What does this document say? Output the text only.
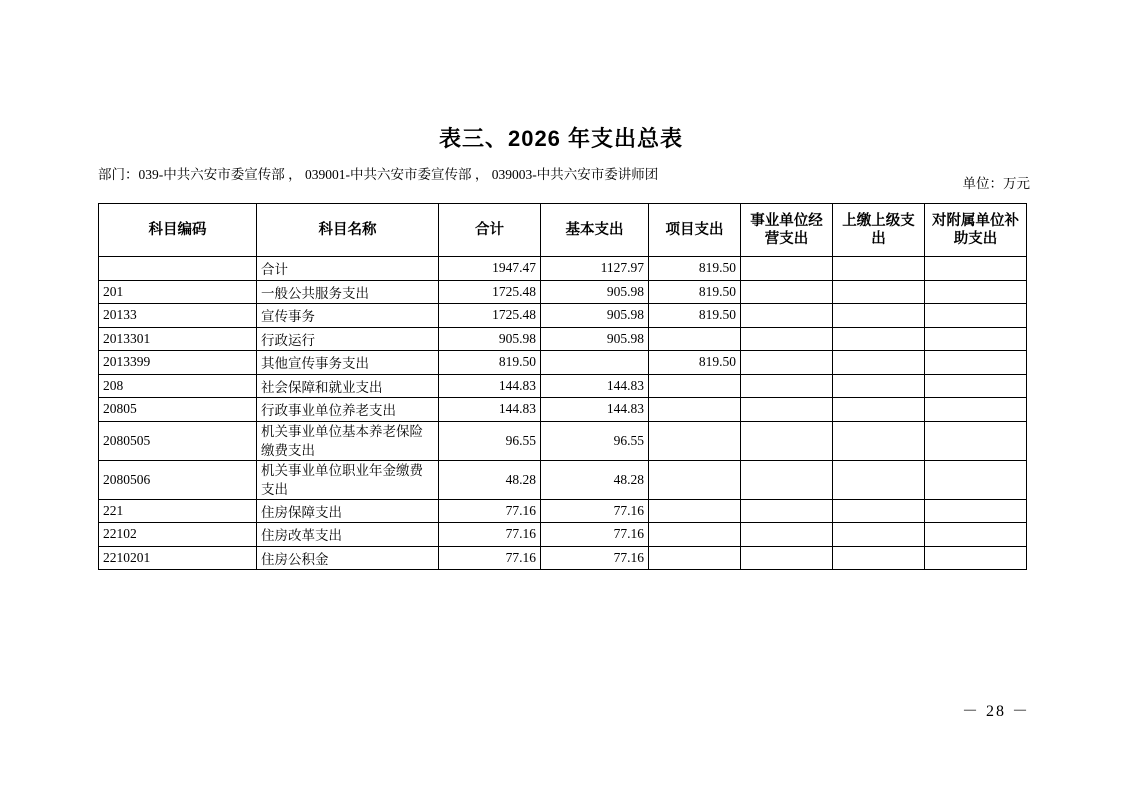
表三、2026 年支出总表
部门：039-中共六安市委宣传部 ， 039001-中共六安市委宣传部 ， 039003-中共六安市委讲师团
单位：万元
科目编码	科目名称	合计	基本支出	项目支出	事业单位经营支出	上缴上级支出	对附属单位补助支出
	合计	1947.47	1127.97	819.50			
201	一般公共服务支出	1725.48	905.98	819.50			
20133	宣传事务	1725.48	905.98	819.50			
2013301	行政运行	905.98	905.98				
2013399	其他宣传事务支出	819.50		819.50			
208	社会保障和就业支出	144.83	144.83				
20805	行政事业单位养老支出	144.83	144.83				
2080505	机关事业单位基本养老保险缴费支出	96.55	96.55				
2080506	机关事业单位职业年金缴费支出	48.28	48.28				
221	住房保障支出	77.16	77.16				
22102	住房改革支出	77.16	77.16				
2210201	住房公积金	77.16	77.16				
－ 28 －
